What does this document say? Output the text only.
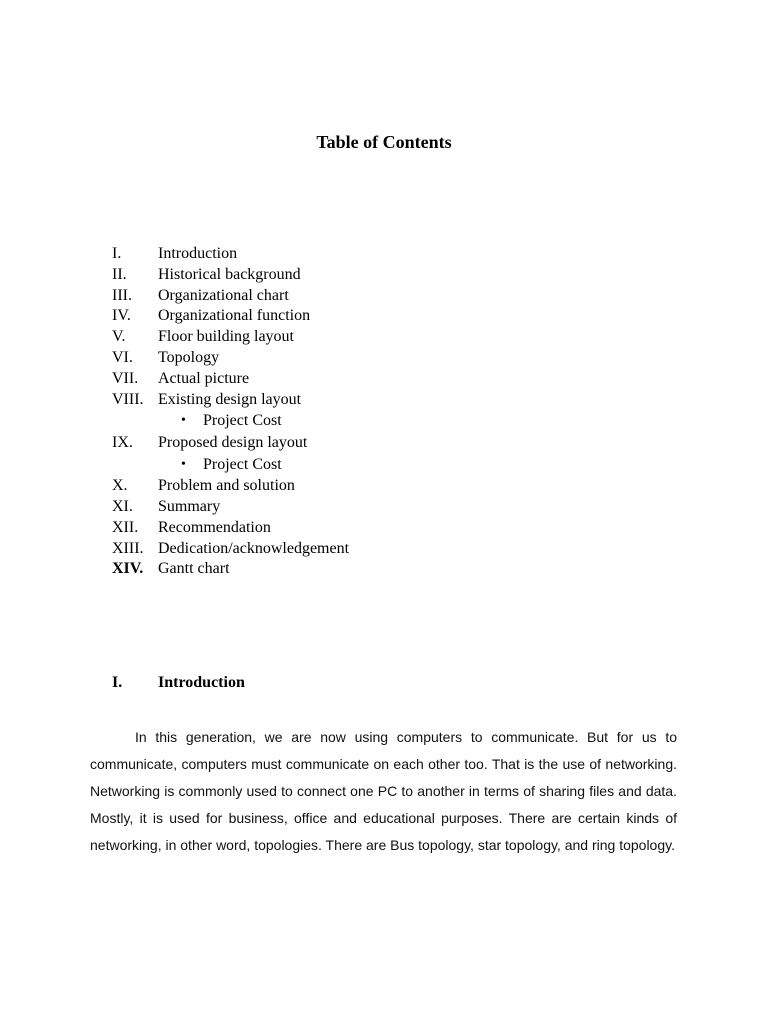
Table of Contents
I.	Introduction
II.	Historical background
III.	Organizational chart
IV.	Organizational function
V.	Floor building layout
VI.	Topology
VII.	Actual picture
VIII. Existing design layout
•	Project Cost
IX.	Proposed design layout
•	Project Cost
X.	Problem and solution
XI.	Summary
XII.	Recommendation
XIII. Dedication/acknowledgement
XIV. Gantt chart
I.	Introduction

In this generation, we are now using computers to communicate. But for us to communicate, computers must communicate on each other too. That is the use of networking. Networking is commonly used to connect one PC to another in terms of sharing files and data. Mostly, it is used for business, office and educational purposes. There are certain kinds of networking, in other word, topologies. There are Bus topology, star topology, and ring topology.
